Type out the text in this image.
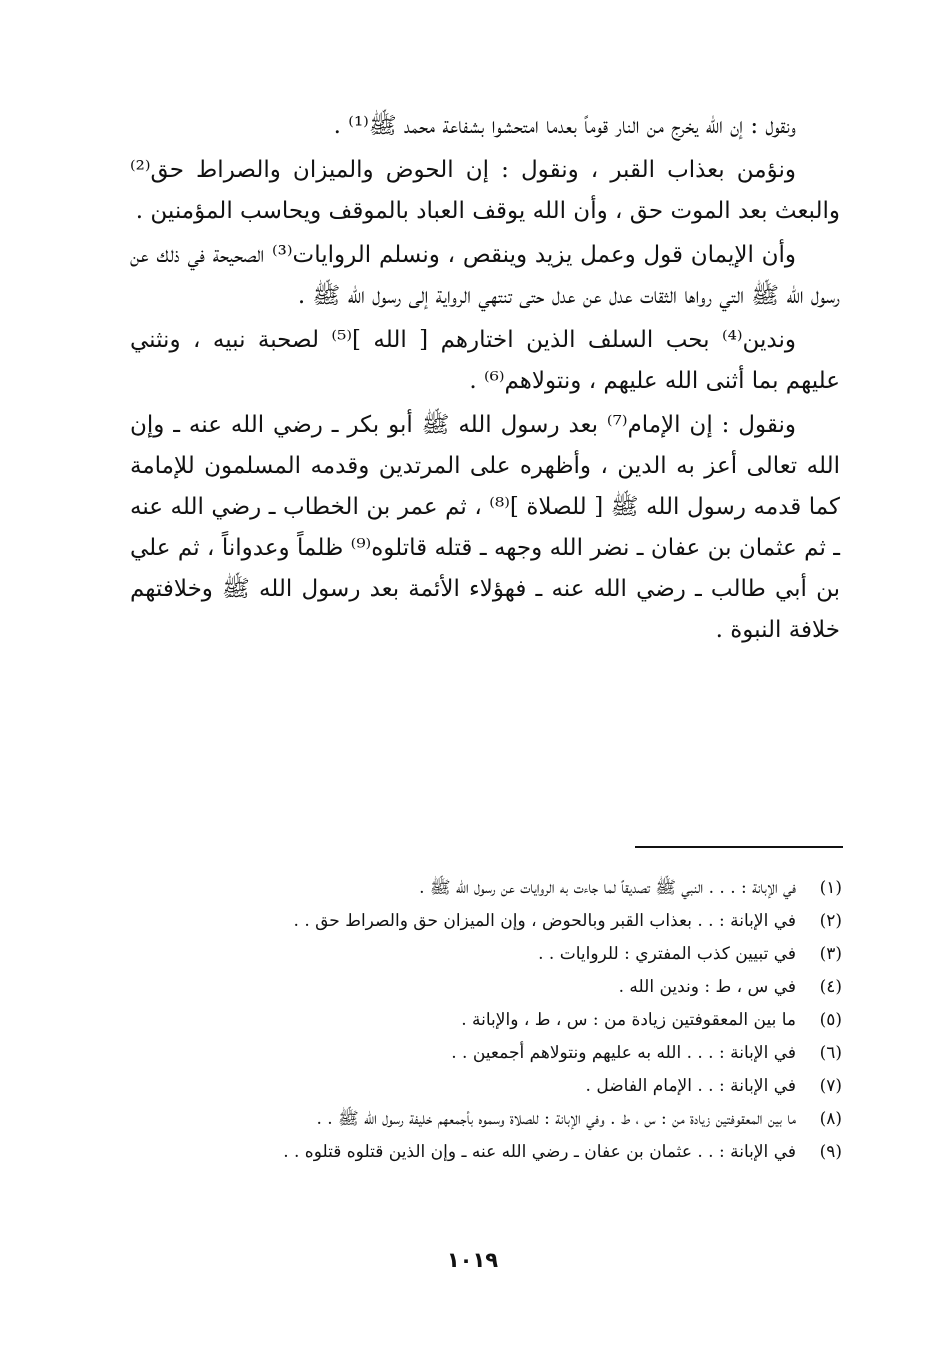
ونقول : إن الله يخرج من النار قوماً بعدما امتحشوا بشفاعة محمد ﷺ⁽¹⁾ .

ونؤمن بعذاب القبر ، ونقول : إن الحوض والميزان والصراط حق⁽²⁾ والبعث بعد الموت حق ، وأن الله يوقف العباد بالموقف ويحاسب المؤمنين .

وأن الإيمان قول وعمل يزيد وينقص ، ونسلم الروايات⁽³⁾ الصحيحة في ذلك عن رسول الله ﷺ التي رواها الثقات عدل عن عدل حتى تنتهي الرواية إلى رسول الله ﷺ .

وندين⁽⁴⁾ بحب السلف الذين اختارهم [ الله ]⁽⁵⁾ لصحبة نبيه ، ونثني عليهم بما أثنى الله عليهم ، ونتولاهم⁽⁶⁾ .

ونقول : إن الإمام⁽⁷⁾ بعد رسول الله ﷺ أبو بكر ـ رضي الله عنه ـ وإن الله تعالى أعز به الدين ، وأظهره على المرتدين وقدمه المسلمون للإمامة كما قدمه رسول الله ﷺ [ للصلاة ]⁽⁸⁾ ، ثم عمر بن الخطاب ـ رضي الله عنه ـ ثم عثمان بن عفان ـ نضر الله وجهه ـ قتله قاتلوه⁽⁹⁾ ظلماً وعدواناً ، ثم علي بن أبي طالب ـ رضي الله عنه ـ فهؤلاء الأئمة بعد رسول الله ﷺ وخلافتهم خلافة النبوة .

(١)
في الإبانة : . . . النبي ﷺ تصديقاً لما جاءت به الروايات عن رسول الله ﷺ .
(٢)
في الإبانة : . . بعذاب القبر وبالحوض ، وإن الميزان حق والصراط حق . .
(٣)
في تبيين كذب المفتري : للروايات . .
(٤)
في س ، ط : وندين الله .
(٥)
ما بين المعقوفتين زيادة من : س ، ط ، والإبانة .
(٦)
في الإبانة : . . . الله به عليهم ونتولاهم أجمعين . .
(٧)
في الإبانة : . . الإمام الفاضل .
(٨)
ما بين المعقوفتين زيادة من : س ، ط . وفي الإبانة : للصلاة وسموه بأجمعهم خليفة رسول الله ﷺ . .
(٩)
في الإبانة : . . عثمان بن عفان ـ رضي الله عنه ـ وإن الذين قتلوه قتلوه . .
١٠١٩
